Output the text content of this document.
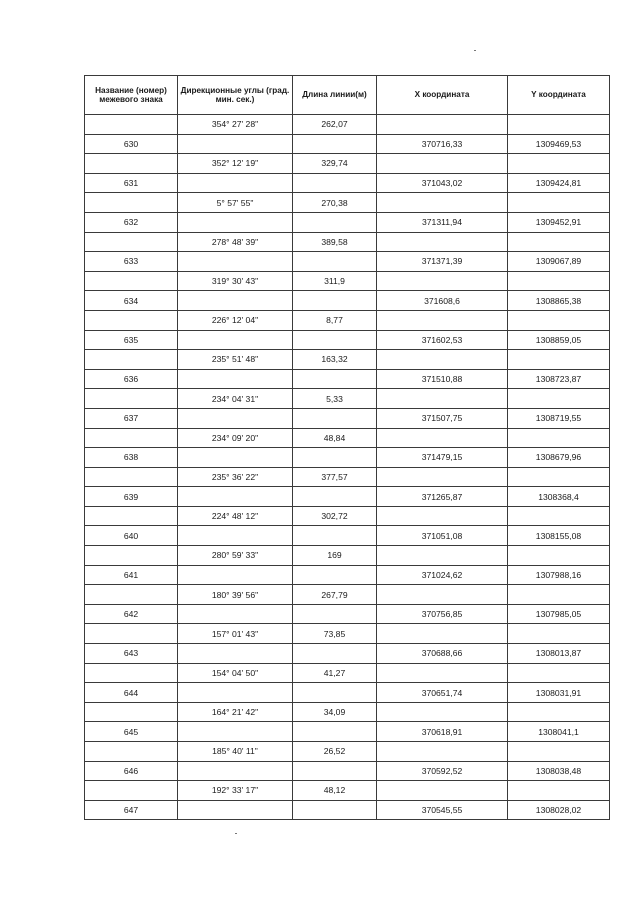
Название (номер) межевого знака	Дирекционные углы (град. мин. сек.)	Длина линии(м)	X координата	Y координата
	354° 27' 28"	262,07		
630			370716,33	1309469,53
	352° 12' 19"	329,74		
631			371043,02	1309424,81
	5° 57' 55"	270,38		
632			371311,94	1309452,91
	278° 48' 39"	389,58		
633			371371,39	1309067,89
	319° 30' 43"	311,9		
634			371608,6	1308865,38
	226° 12' 04"	8,77		
635			371602,53	1308859,05
	235° 51' 48"	163,32		
636			371510,88	1308723,87
	234° 04' 31"	5,33		
637			371507,75	1308719,55
	234° 09' 20"	48,84		
638			371479,15	1308679,96
	235° 36' 22"	377,57		
639			371265,87	1308368,4
	224° 48' 12"	302,72		
640			371051,08	1308155,08
	280° 59' 33"	169		
641			371024,62	1307988,16
	180° 39' 56"	267,79		
642			370756,85	1307985,05
	157° 01' 43"	73,85		
643			370688,66	1308013,87
	154° 04' 50"	41,27		
644			370651,74	1308031,91
	164° 21' 42"	34,09		
645			370618,91	1308041,1
	185° 40' 11"	26,52		
646			370592,52	1308038,48
	192° 33' 17"	48,12		
647			370545,55	1308028,02
